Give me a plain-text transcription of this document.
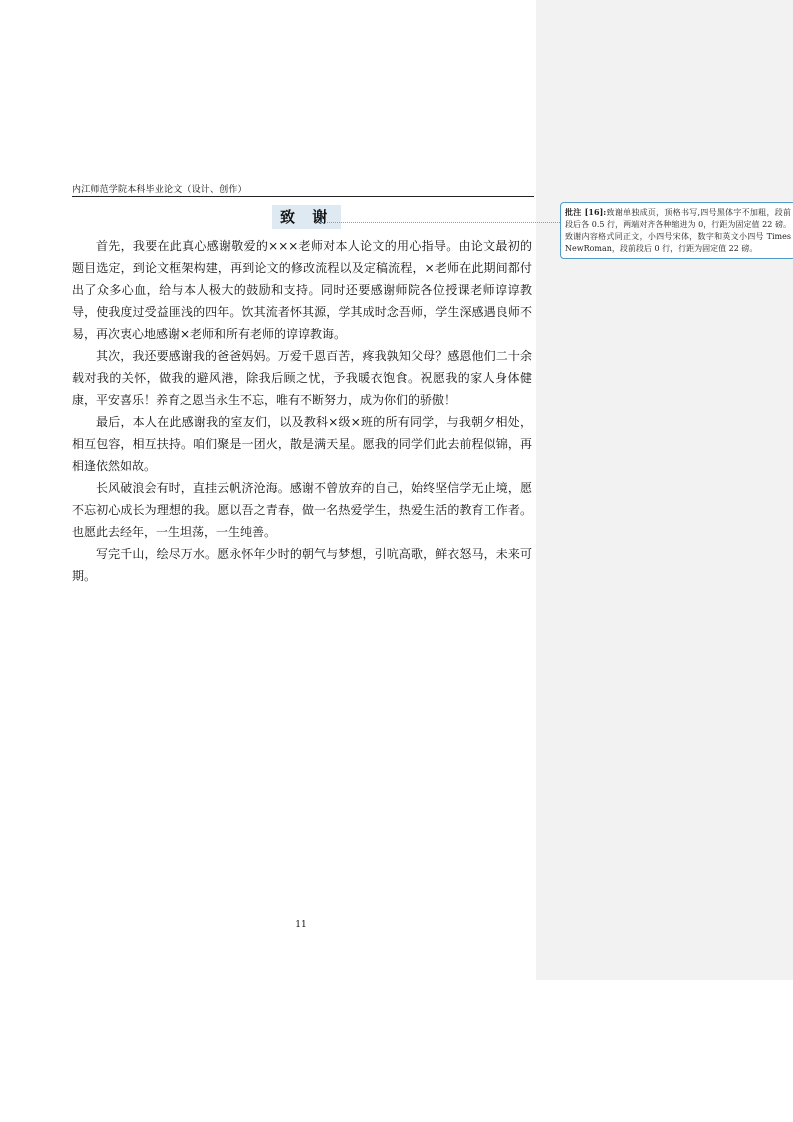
内江师范学院本科毕业论文（设计、创作）
致 谢

首先，我要在此真心感谢敬爱的×××老师对本人论文的用心指导。由论文最初的题目选定，到论文框架构建，再到论文的修改流程以及定稿流程，×老师在此期间都付出了众多心血，给与本人极大的鼓励和支持。同时还要感谢师院各位授课老师谆谆教导，使我度过受益匪浅的四年。饮其流者怀其源，学其成时念吾师，学生深感遇良师不易，再次衷心地感谢×老师和所有老师的谆谆教诲。

其次，我还要感谢我的爸爸妈妈。万爱千恩百苦，疼我孰知父母？感恩他们二十余载对我的关怀，做我的避风港，除我后顾之忧，予我暖衣饱食。祝愿我的家人身体健康，平安喜乐！养育之恩当永生不忘，唯有不断努力，成为你们的骄傲！

最后，本人在此感谢我的室友们，以及教科×级×班的所有同学，与我朝夕相处，相互包容，相互扶持。咱们聚是一团火，散是满天星。愿我的同学们此去前程似锦，再相逢依然如故。

长风破浪会有时，直挂云帆济沧海。感谢不曾放弃的自己，始终坚信学无止境，愿不忘初心成长为理想的我。愿以吾之青春，做一名热爱学生，热爱生活的教育工作者。也愿此去经年，一生坦荡，一生纯善。

写完千山，绘尽万水。愿永怀年少时的朝气与梦想，引吭高歌，鲜衣怒马，未来可期。

11
批注 [16]:致谢单独成页，顶格书写,四号黑体字不加粗，段前段后各 0.5 行，两端对齐各种缩进为 0，行距为固定值 22 磅。致谢内容格式同正文，小四号宋体，数字和英文小四号 Times NewRoman，段前段后 0 行，行距为固定值 22 磅。
